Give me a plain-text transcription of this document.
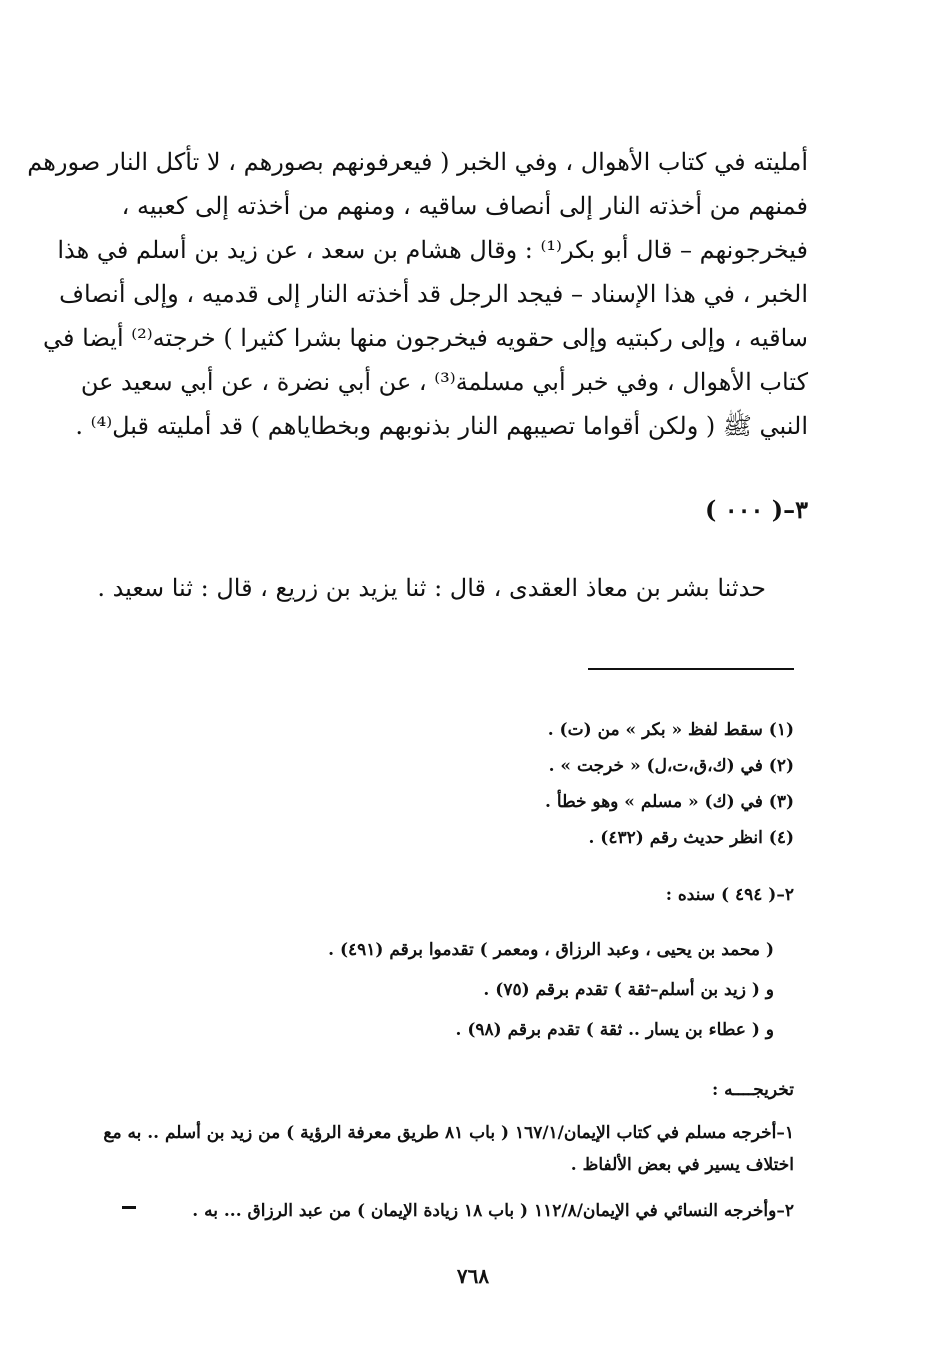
أمليته في كتاب الأهوال ، وفي الخبر ( فيعرفونهم بصورهم ، لا تأكل النار صورهم
فمنهم من أخذته النار إلى أنصاف ساقيه ، ومنهم من أخذته إلى كعبيه ،
فيخرجونهم – قال أبو بكر⁽¹⁾ : وقال هشام بن سعد ، عن زيد بن أسلم في هذا
الخبر ، في هذا الإسناد – فيجد الرجل قد أخذته النار إلى قدميه ، وإلى أنصاف
ساقيه ، وإلى ركبتيه وإلى حقويه فيخرجون منها بشرا كثيرا ) خرجته⁽²⁾ أيضا في
كتاب الأهوال ، وفي خبر أبي مسلمة⁽³⁾ ، عن أبي نضرة ، عن أبي سعيد عن
النبي ﷺ ( ولكن أقواما تصيبهم النار بذنوبهم وبخطاياهم ) قد أمليته قبل⁽⁴⁾ .
٣–( ٠٠٠ )
حدثنا بشر بن معاذ العقدى ، قال : ثنا يزيد بن زريع ، قال : ثنا سعيد .
(١) سقط لفظ « بكر » من (ت) .
(٢) في (ك،ق،ت،ل) « خرجت » .
(٣) في (ك) « مسلم » وهو خطأ .
(٤) انظر حديث رقم (٤٣٢) .
٢–( ٤٩٤ ) سنده :
( محمد بن يحيى ، وعبد الرزاق ، ومعمر ) تقدموا برقم (٤٩١) .
و ( زيد بن أسلم–ثقة ) تقدم برقم (٧٥) .
و ( عطاء بن يسار .. ثقة ) تقدم برقم (٩٨) .
تخريجــــه :
١–أخرجه مسلم في كتاب الإيمان/١٦٧/١ ( باب ٨١ طريق معرفة الرؤية ) من زيد بن أسلم .. به مع
اختلاف يسير في بعض الألفاظ .
٢–وأخرجه النسائي في الإيمان/١١٢/٨ ( باب ١٨ زيادة الإيمان ) من عبد الرزاق ... به .
٧٦٨
